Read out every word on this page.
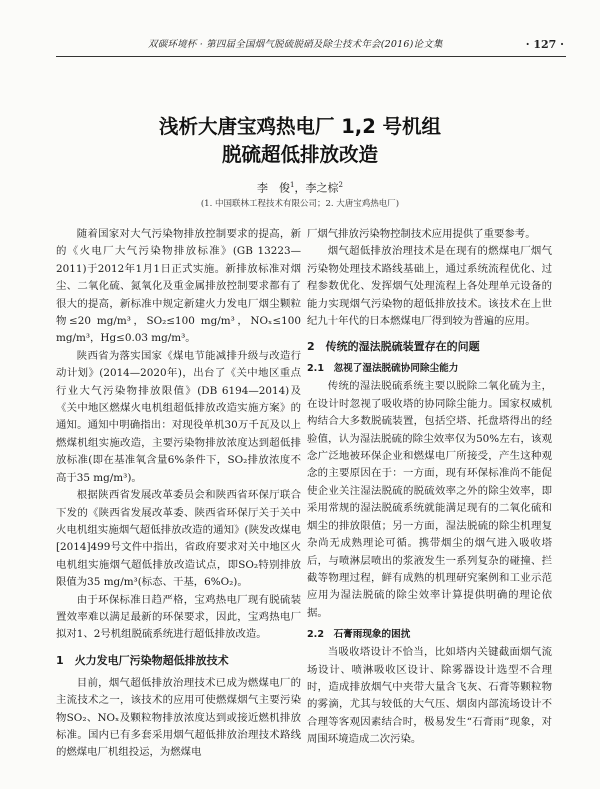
双碳环境杯 · 第四届全国烟气脱硫脱硝及除尘技术年会(2016)论文集	· 127 ·
浅析大唐宝鸡热电厂 1,2 号机组
脱硫超低排放改造
李　俊$^1$，李之棕$^2$
(1. 中国联林工程技术有限公司；2. 大唐宝鸡热电厂)

随着国家对大气污染物排放控制要求的提高，新的《火电厂大气污染物排放标准》(GB 13223—2011)于2012年1月1日正式实施。新排放标准对烟尘、二氧化硫、氮氧化及重金属排放控制要求都有了很大的提高，新标准中规定新建火力发电厂烟尘颗粒物≤20 mg/m³，SO₂≤100 mg/m³，NOₓ≤100 mg/m³，Hg≤0.03 mg/m³。

陕西省为落实国家《煤电节能减排升级与改造行动计划》(2014—2020年)，出台了《关中地区重点行业大气污染物排放限值》(DB 6194—2014)及《关中地区燃煤火电机组超低排放改造实施方案》的通知。通知中明确指出：对现役单机30万千瓦及以上燃煤机组实施改造，主要污染物排放浓度达到超低排放标准(即在基准氧含量6%条件下，SO₂排放浓度不高于35 mg/m³)。

根据陕西省发展改革委员会和陕西省环保厅联合下发的《陕西省发展改革委、陕西省环保厅关于关中火电机组实施烟气超低排放改造的通知》(陕发改煤电[2014]499号文件中指出，省政府要求对关中地区火电机组实施烟气超低排放改造试点，即SO₂特别排放限值为35 mg/m³(标态、干基，6%O₂)。

由于环保标准日趋严格，宝鸡热电厂现有脱硫装置效率难以满足最新的环保要求，因此，宝鸡热电厂拟对1、2号机组脱硫系统进行超低排放改造。

1　火力发电厂污染物超低排放技术

目前，烟气超低排放治理技术已成为燃煤电厂的主流技术之一，该技术的应用可使燃煤烟气主要污染物SO₂、NOₓ及颗粒物排放浓度达到或接近燃机排放标准。国内已有多套采用烟气超低排放治理技术路线的燃煤电厂机组投运，为燃煤电

厂烟气排放污染物控制技术应用提供了重要参考。

烟气超低排放治理技术是在现有的燃煤电厂烟气污染物处理技术路线基础上，通过系统流程优化、过程参数优化、发挥烟气处理流程上各处理单元设备的能力实现烟气污染物的超低排放技术。该技术在上世纪九十年代的日本燃煤电厂得到较为普遍的应用。

2　传统的湿法脱硫装置存在的问题
2.1　忽视了湿法脱硫协同除尘能力

传统的湿法脱硫系统主要以脱除二氧化硫为主，在设计时忽视了吸收塔的协同除尘能力。国家权威机构结合大多数脱硫装置，包括空塔、托盘塔得出的经验值，认为湿法脱硫的除尘效率仅为50%左右，该观念广泛地被环保企业和燃煤电厂所接受，产生这种观念的主要原因在于：一方面，现有环保标准尚不能促使企业关注湿法脱硫的脱硫效率之外的除尘效率，即采用常规的湿法脱硫系统就能满足现有的二氧化硫和烟尘的排放限值；另一方面，湿法脱硫的除尘机理复杂尚无成熟理论可循。携带烟尘的烟气进入吸收塔后，与喷淋层喷出的浆液发生一系列复杂的碰撞、拦截等物理过程，鲜有成熟的机理研究案例和工业示范应用为湿法脱硫的除尘效率计算提供明确的理论依据。

2.2　石膏雨现象的困扰

当吸收塔设计不恰当，比如塔内关键截面烟气流场设计、喷淋吸收区设计、除雾器设计选型不合理时，造成排放烟气中夹带大量含飞灰、石膏等颗粒物的雾滴，尤其与较低的大气压、烟囱内部流场设计不合理等客观因素结合时，极易发生“石膏雨”现象，对周围环境造成二次污染。
